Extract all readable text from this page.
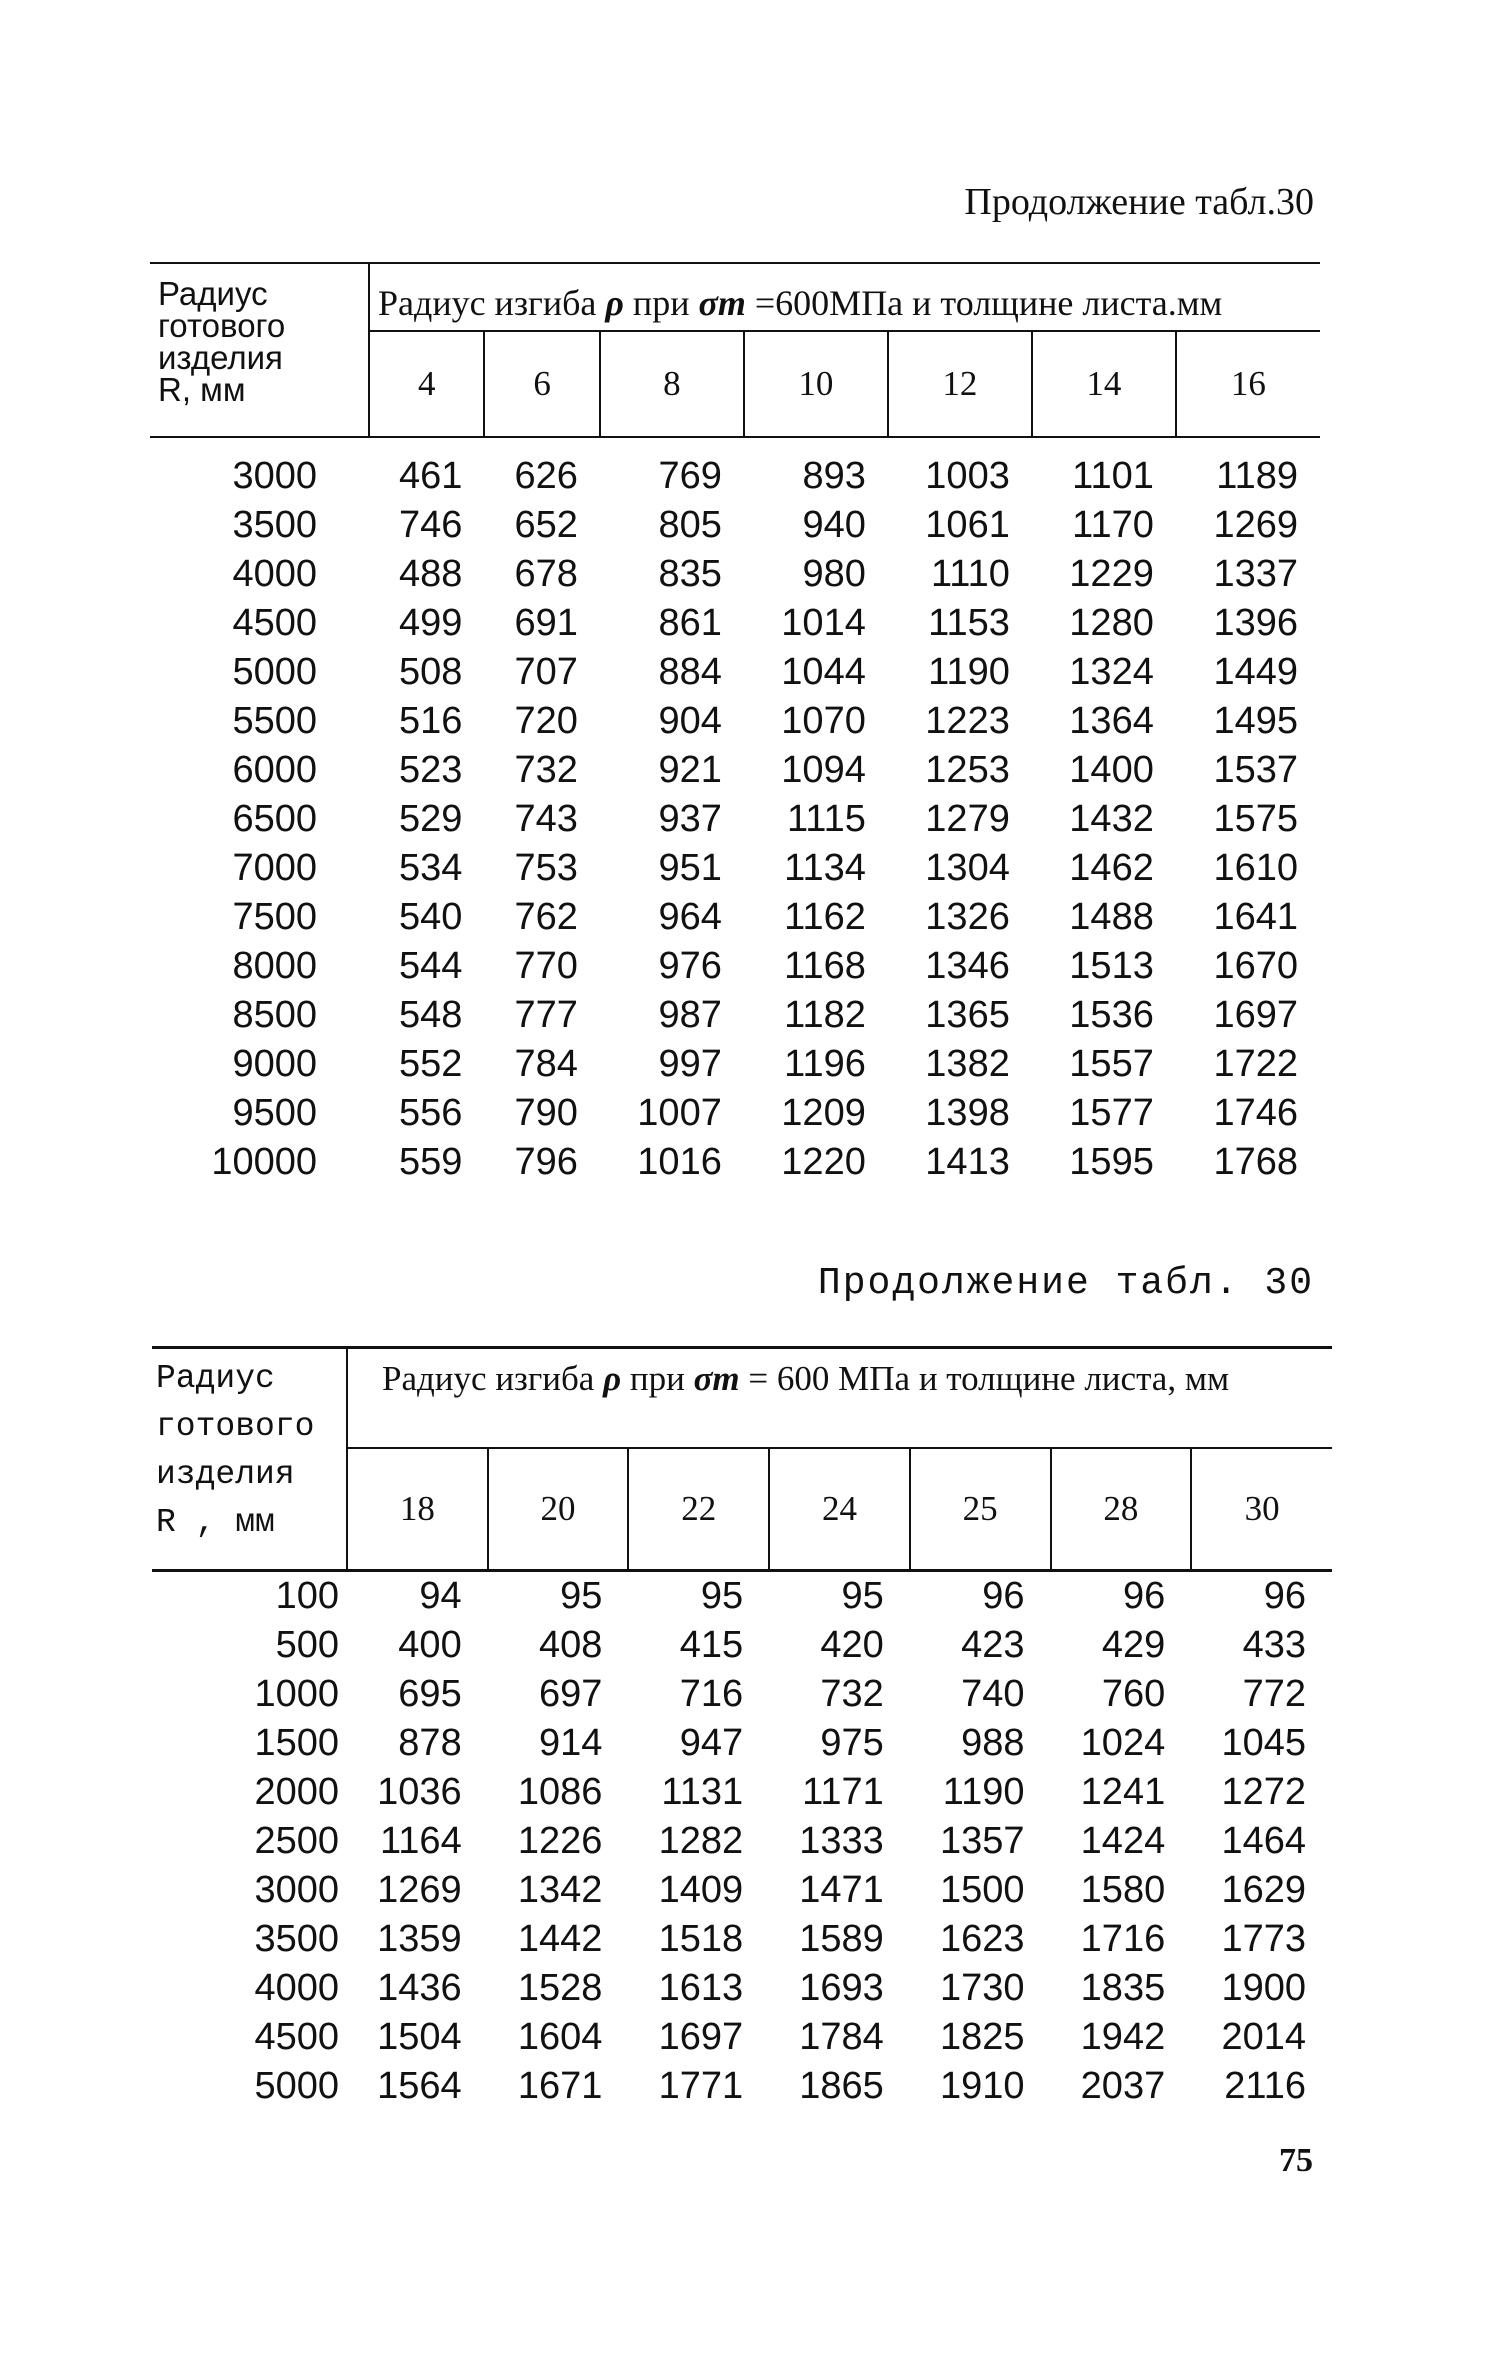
Продолжение табл.30
Радиус
готового
изделия
R, мм	Радиус изгиба ρ при σт =600МПа и толщине листа.мм						
	4	6	8	10	12	14	16
3000	461	626	769	893	1003	1101	1189
3500	746	652	805	940	1061	1170	1269
4000	488	678	835	980	1110	1229	1337
4500	499	691	861	1014	1153	1280	1396
5000	508	707	884	1044	1190	1324	1449
5500	516	720	904	1070	1223	1364	1495
6000	523	732	921	1094	1253	1400	1537
6500	529	743	937	1115	1279	1432	1575
7000	534	753	951	1134	1304	1462	1610
7500	540	762	964	1162	1326	1488	1641
8000	544	770	976	1168	1346	1513	1670
8500	548	777	987	1182	1365	1536	1697
9000	552	784	997	1196	1382	1557	1722
9500	556	790	1007	1209	1398	1577	1746
10000	559	796	1016	1220	1413	1595	1768
Продолжение табл. 30
Радиус
готового
изделия
R , мм	Радиус изгиба ρ при σт = 600 МПа и толщине листа, мм						
	18	20	22	24	25	28	30
100	94	95	95	95	96	96	96
500	400	408	415	420	423	429	433
1000	695	697	716	732	740	760	772
1500	878	914	947	975	988	1024	1045
2000	1036	1086	1131	1171	1190	1241	1272
2500	1164	1226	1282	1333	1357	1424	1464
3000	1269	1342	1409	1471	1500	1580	1629
3500	1359	1442	1518	1589	1623	1716	1773
4000	1436	1528	1613	1693	1730	1835	1900
4500	1504	1604	1697	1784	1825	1942	2014
5000	1564	1671	1771	1865	1910	2037	2116
75
